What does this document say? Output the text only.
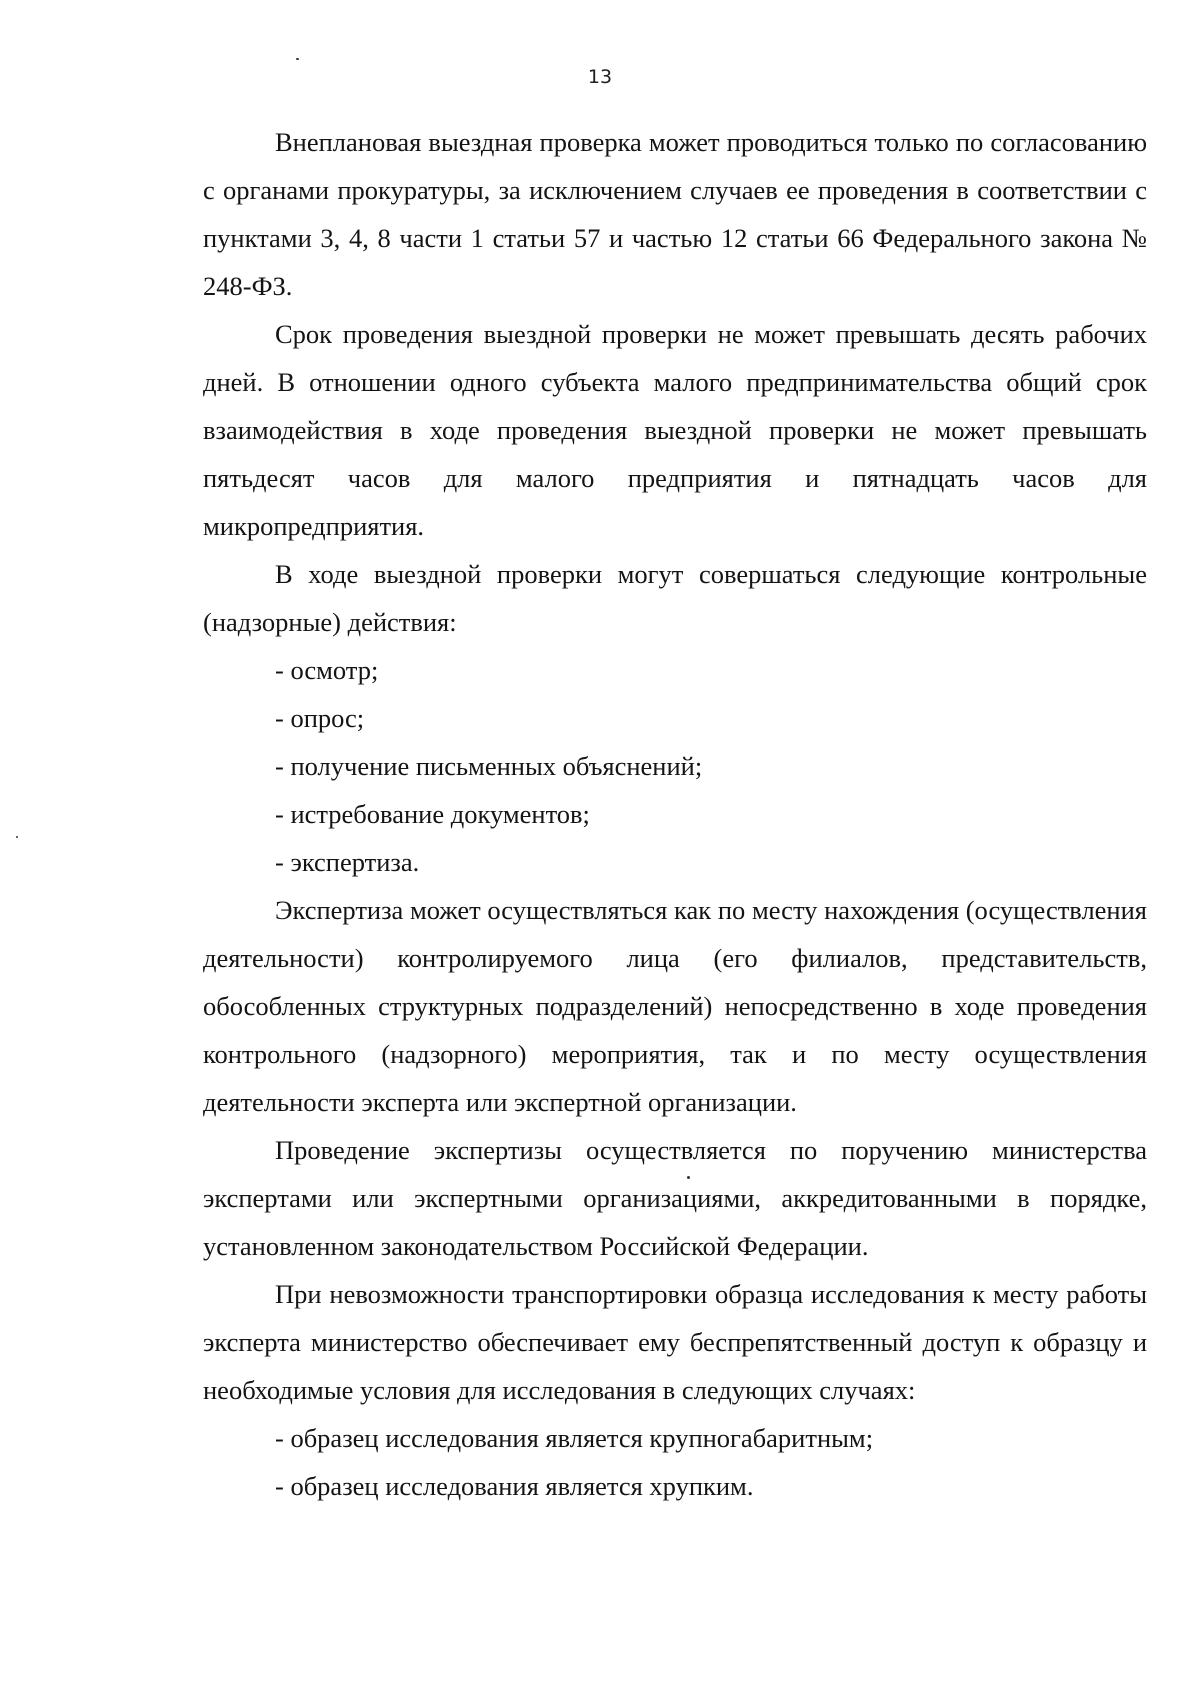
13

Внеплановая выездная проверка может проводиться только по согласованию с органами прокуратуры, за исключением случаев ее проведения в соответствии с пунктами 3, 4, 8 части 1 статьи 57 и частью 12 статьи 66 Федерального закона № 248-ФЗ.

Срок проведения выездной проверки не может превышать десять рабочих дней. В отношении одного субъекта малого предпринимательства общий срок взаимодействия в ходе проведения выездной проверки не может превышать пятьдесят часов для малого предприятия и пятнадцать часов для микропредприятия.

В ходе выездной проверки могут совершаться следующие контрольные (надзорные) действия:

- осмотр;

- опрос;

- получение письменных объяснений;

- истребование документов;

- экспертиза.

Экспертиза может осуществляться как по месту нахождения (осуществления деятельности) контролируемого лица (его филиалов, представительств, обособленных структурных подразделений) непосредственно в ходе проведения контрольного (надзорного) мероприятия, так и по месту осуществления деятельности эксперта или экспертной организации.

Проведение экспертизы осуществляется по поручению министерства экспертами или экспертными организациями, аккредитованными в порядке, установленном законодательством Российской Федерации.

При невозможности транспортировки образца исследования к месту работы эксперта министерство обеспечивает ему беспрепятственный доступ к образцу и необходимые условия для исследования в следующих случаях:

- образец исследования является крупногабаритным;

- образец исследования является хрупким.
